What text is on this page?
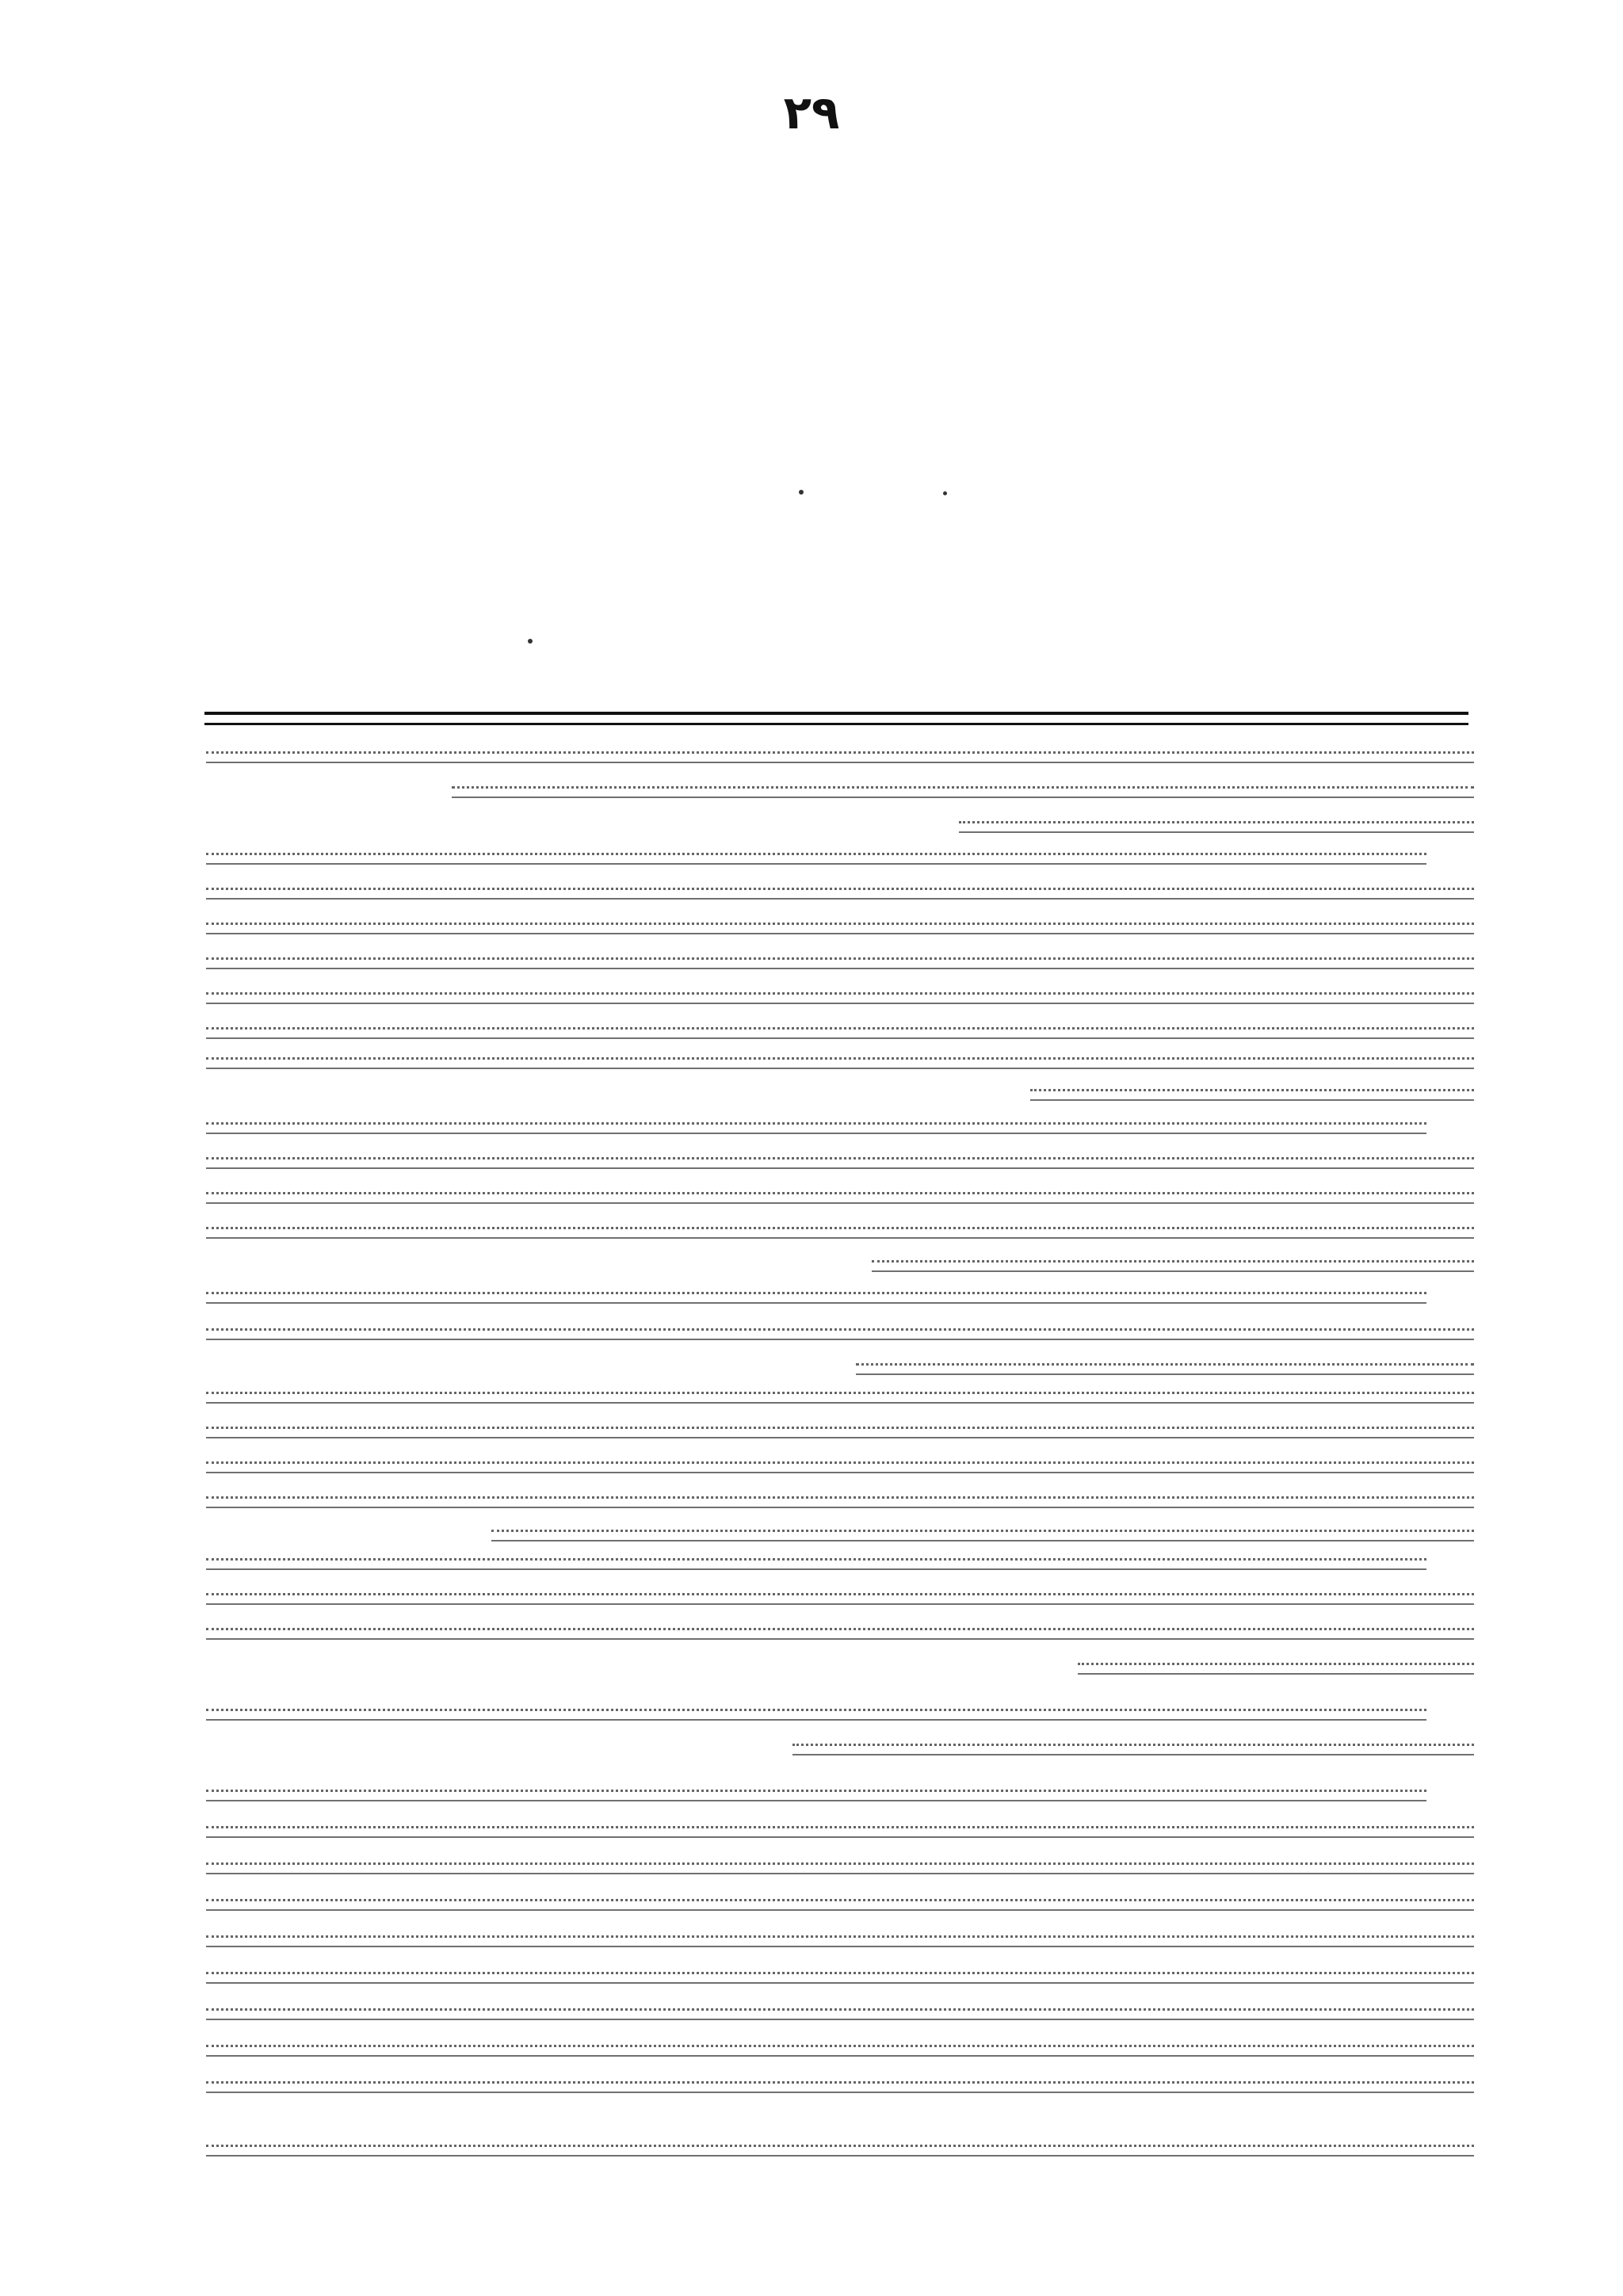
۲۹
